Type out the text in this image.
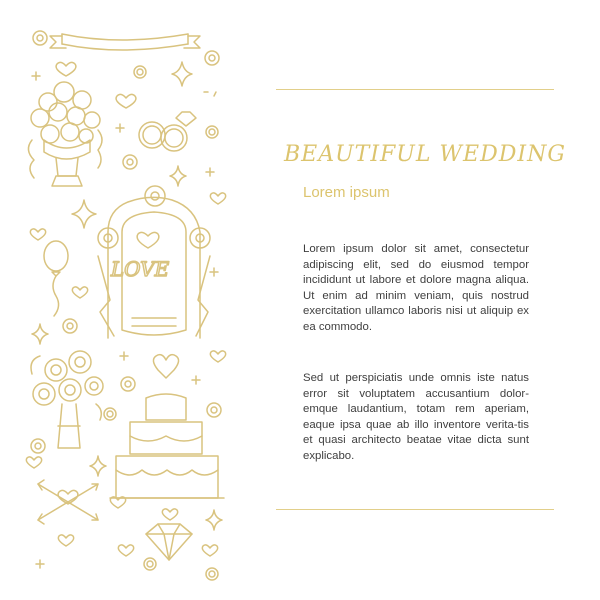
LOVE
BEAUTIFUL WEDDING
Lorem ipsum
Lorem ipsum dolor sit amet, consectetur adipiscing elit, sed do eiusmod tempor incididunt ut labore et dolore magna aliqua. Ut enim ad minim veniam, quis nostrud exercitation ullamco laboris nisi ut aliquip ex ea commodo.
Sed ut perspiciatis unde omnis iste natus error sit voluptatem accusantium dolor-emque laudantium, totam rem aperiam, eaque ipsa quae ab illo inventore verita-tis et quasi architecto beatae vitae dicta sunt explicabo.
